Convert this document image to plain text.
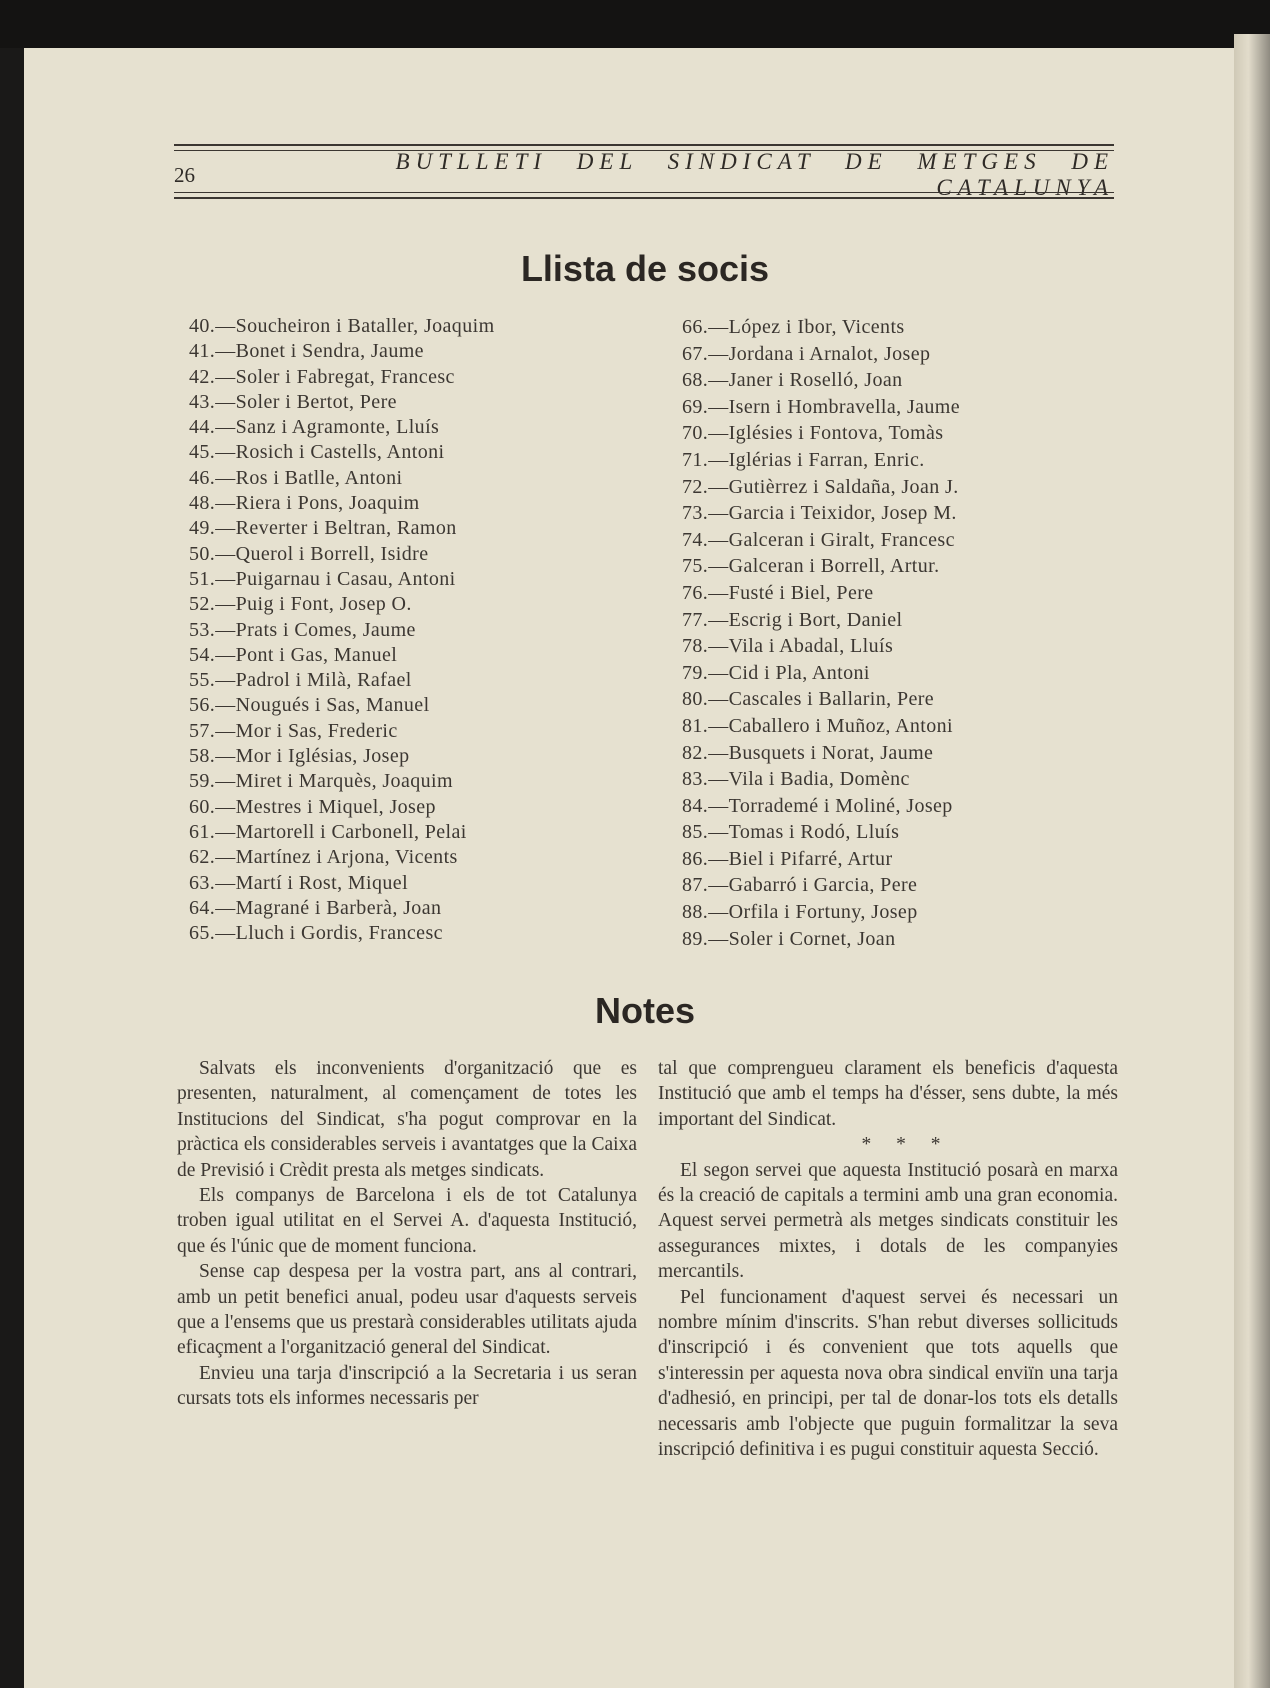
26
BUTLLETI DEL SINDICAT DE METGES DE CATALUNYA
Llista de socis
40.—Soucheiron i Bataller, Joaquim
41.—Bonet i Sendra, Jaume
42.—Soler i Fabregat, Francesc
43.—Soler i Bertot, Pere
44.—Sanz i Agramonte, Lluís
45.—Rosich i Castells, Antoni
46.—Ros i Batlle, Antoni
48.—Riera i Pons, Joaquim
49.—Reverter i Beltran, Ramon
50.—Querol i Borrell, Isidre
51.—Puigarnau i Casau, Antoni
52.—Puig i Font, Josep O.
53.—Prats i Comes, Jaume
54.—Pont i Gas, Manuel
55.—Padrol i Milà, Rafael
56.—Nougués i Sas, Manuel
57.—Mor i Sas, Frederic
58.—Mor i Iglésias, Josep
59.—Miret i Marquès, Joaquim
60.—Mestres i Miquel, Josep
61.—Martorell i Carbonell, Pelai
62.—Martínez i Arjona, Vicents
63.—Martí i Rost, Miquel
64.—Magrané i Barberà, Joan
65.—Lluch i Gordis, Francesc
66.—López i Ibor, Vicents
67.—Jordana i Arnalot, Josep
68.—Janer i Roselló, Joan
69.—Isern i Hombravella, Jaume
70.—Iglésies i Fontova, Tomàs
71.—Iglérias i Farran, Enric.
72.—Gutièrrez i Saldaña, Joan J.
73.—Garcia i Teixidor, Josep M.
74.—Galceran i Giralt, Francesc
75.—Galceran i Borrell, Artur.
76.—Fusté i Biel, Pere
77.—Escrig i Bort, Daniel
78.—Vila i Abadal, Lluís
79.—Cid i Pla, Antoni
80.—Cascales i Ballarin, Pere
81.—Caballero i Muñoz, Antoni
82.—Busquets i Norat, Jaume
83.—Vila i Badia, Domènc
84.—Torrademé i Moliné, Josep
85.—Tomas i Rodó, Lluís
86.—Biel i Pifarré, Artur
87.—Gabarró i Garcia, Pere
88.—Orfila i Fortuny, Josep
89.—Soler i Cornet, Joan
Notes

Salvats els inconvenients d'organització que es presenten, naturalment, al començament de totes les Institucions del Sindicat, s'ha pogut comprovar en la pràctica els considerables serveis i avantatges que la Caixa de Previsió i Crèdit presta als metges sindicats.

Els companys de Barcelona i els de tot Catalunya troben igual utilitat en el Servei A. d'aquesta Institució, que és l'únic que de moment funciona.

Sense cap despesa per la vostra part, ans al contrari, amb un petit benefici anual, podeu usar d'aquests serveis que a l'ensems que us prestarà considerables utilitats ajuda eficaçment a l'organització general del Sindicat.

Envieu una tarja d'inscripció a la Secretaria i us seran cursats tots els informes necessaris per

tal que comprengueu clarament els beneficis d'aquesta Institució que amb el temps ha d'ésser, sens dubte, la més important del Sindicat.

* * *

El segon servei que aquesta Institució posarà en marxa és la creació de capitals a termini amb una gran economia. Aquest servei permetrà als metges sindicats constituir les assegurances mixtes, i dotals de les companyies mercantils.

Pel funcionament d'aquest servei és necessari un nombre mínim d'inscrits. S'han rebut diverses sollicituds d'inscripció i és convenient que tots aquells que s'interessin per aquesta nova obra sindical enviïn una tarja d'adhesió, en principi, per tal de donar-los tots els detalls necessaris amb l'objecte que puguin formalitzar la seva inscripció definitiva i es pugui constituir aquesta Secció.
